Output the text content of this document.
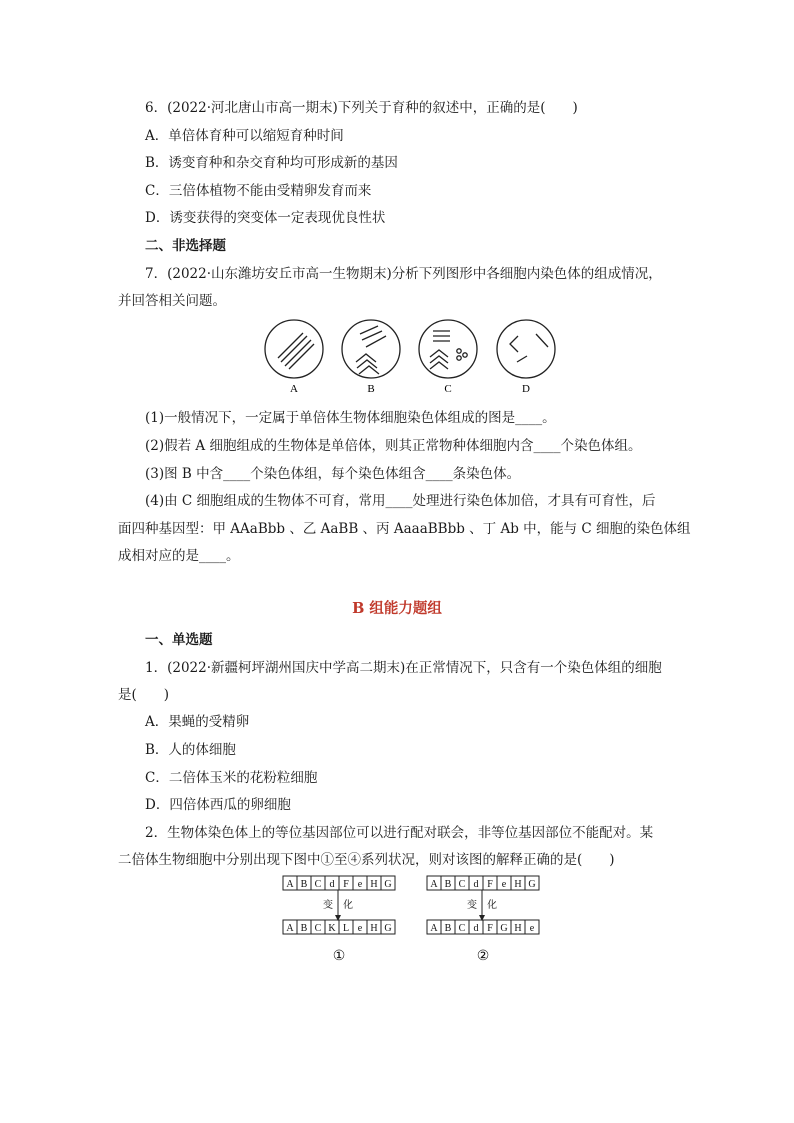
6．(2022·河北唐山市高一期末)下列关于育种的叙述中，正确的是(　　)
A．单倍体育种可以缩短育种时间
B．诱变育种和杂交育种均可形成新的基因
C．三倍体植物不能由受精卵发育而来
D．诱变获得的突变体一定表现优良性状
二、非选择题
7．(2022·山东潍坊安丘市高一生物期末)分析下列图形中各细胞内染色体的组成情况，
并回答相关问题。
A	B	C	D
(1)一般情况下，一定属于单倍体生物体细胞染色体组成的图是____。
(2)假若 A 细胞组成的生物体是单倍体，则其正常物种体细胞内含____个染色体组。
(3)图 B 中含____个染色体组，每个染色体组含____条染色体。
(4)由 C 细胞组成的生物体不可育，常用____处理进行染色体加倍，才具有可育性，后
面四种基因型：甲 AAaBbb 、乙 AaBB 、丙 AaaaBBbb 、丁 Ab 中，能与 C 细胞的染色体组
成相对应的是____。
B 组能力题组
一、单选题
1．(2022·新疆柯坪湖州国庆中学高二期末)在正常情况下，只含有一个染色体组的细胞
是(　　)
A．果蝇的受精卵
B．人的体细胞
C．二倍体玉米的花粉粒细胞
D．四倍体西瓜的卵细胞
2．生物体染色体上的等位基因部位可以进行配对联会，非等位基因部位不能配对。某
二倍体生物细胞中分别出现下图中①至④系列状况，则对该图的解释正确的是(　　)
A B C d F e H G
A B C K L e H G
变　化
①
A B C d F e H G
A B C d F G H e
变　化
②
